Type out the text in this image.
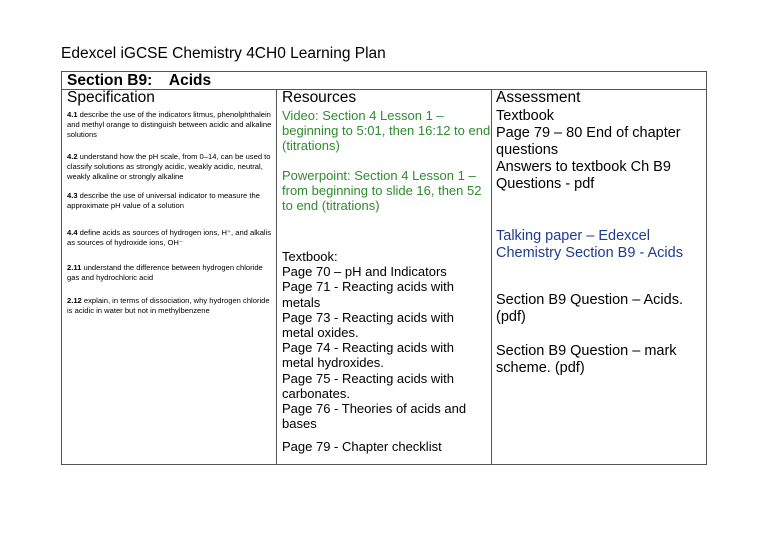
Edexcel iGCSE Chemistry 4CH0 Learning Plan
Section B9:    Acids
Specification
4.1 describe the use of the indicators litmus, phenolphthalein and methyl orange to distinguish between acidic and alkaline solutions
4.2 understand how the pH scale, from 0–14, can be used to classify solutions as strongly acidic, weakly acidic, neutral, weakly alkaline or strongly alkaline
4.3 describe the use of universal indicator to measure the approximate pH value of a solution
4.4 define acids as sources of hydrogen ions, H⁺, and alkalis as sources of hydroxide ions, OH⁻
2.11 understand the difference between hydrogen chloride gas and hydrochloric acid
2.12 explain, in terms of dissociation, why hydrogen chloride is acidic in water but not in methylbenzene
Resources
Video: Section 4 Lesson 1 –
beginning to 5:01, then 16:12 to end
(titrations)
Powerpoint: Section 4 Lesson 1 –
from beginning to slide 16, then 52
to end (titrations)
Textbook:
Page 70 – pH and Indicators
Page 71 - Reacting acids with
metals
Page 73 - Reacting acids with
metal oxides.
Page 74 - Reacting acids with
metal hydroxides.
Page 75 - Reacting acids with
carbonates.
Page 76 - Theories of acids and
bases
Page 79 - Chapter checklist
Assessment
Textbook
Page 79 – 80 End of chapter
questions
Answers to textbook Ch B9
Questions - pdf
Talking paper – Edexcel
Chemistry Section B9 - Acids
Section B9 Question – Acids.
(pdf)
Section B9 Question – mark
scheme. (pdf)
